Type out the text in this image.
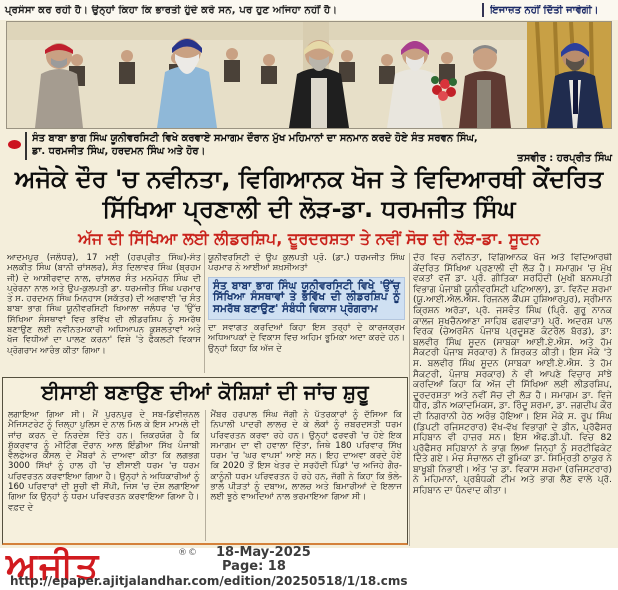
ਪ੍ਰਸੰਸਾ ਕਰ ਰਹੀ ਹੈ। ਉਨ੍ਹਾਂ ਕਿਹਾ ਕਿ ਭਾਰਤੀ ਹੁੰਦੇ ਕਰੇ ਸਨ, ਪਰ ਹੁਣ ਅਜਿਹਾ ਨਹੀਂ ਹੈ।	ਇਜਾਜ਼ਤ ਨਹੀਂ ਦਿੱਤੀ ਜਾਵੇਗੀ।
ਸੰਤ ਬਾਬਾ ਭਾਗ ਸਿੰਘ ਯੂਨੀਵਰਸਿਟੀ ਵਿਖੇ ਕਰਵਾਏ ਸਮਾਗਮ ਦੌਰਾਨ ਮੁੱਖ ਮਹਿਮਾਨਾਂ ਦਾ ਸਨਮਾਨ ਕਰਦੇ ਹੋਏ ਸੰਤ ਸਰਵਨ ਸਿੰਘ, ਡਾ. ਧਰਮਜੀਤ ਸਿੰਘ, ਹਰਦਮਨ ਸਿੰਘ ਅਤੇ ਹੋਰ।
ਤਸਵੀਰ : ਹਰਪ੍ਰੀਤ ਸਿੰਘ
ਅਜੋਕੇ ਦੌਰ 'ਚ ਨਵੀਨਤਾ, ਵਿਗਿਆਨਕ ਖੋਜ ਤੇ ਵਿਦਿਆਰਥੀ ਕੇਂਦਰਿਤ ਸਿੱਖਿਆ ਪ੍ਰਣਾਲੀ ਦੀ ਲੋੜ-ਡਾ. ਧਰਮਜੀਤ ਸਿੰਘ
ਅੱਜ ਦੀ ਸਿੱਖਿਆ ਲਈ ਲੀਡਰਸ਼ਿਪ, ਦੂਰਦਰਸ਼ਤਾ ਤੇ ਨਵੀਂ ਸੋਚ ਦੀ ਲੋੜ-ਡਾ. ਸੂਦਨ
ਆਦਮਪੁਰ (ਜਲੰਧਰ), 17 ਮਈ (ਹਰਪ੍ਰੀਤ ਸਿੰਘ)-ਸੰਤ ਮਲਕੀਤ ਸਿੰਘ (ਬਾਨੀ ਚਾਂਸਲਰ), ਸੰਤ ਦਿਲਾਵਰ ਸਿੰਘ (ਬ੍ਰਹਮ ਜੀ) ਦੇ ਆਸ਼ੀਰਵਾਦ ਨਾਲ, ਚਾਂਸਲਰ ਸੰਤ ਮਨਮੋਹਨ ਸਿੰਘ ਦੀ ਪ੍ਰੇਰਨਾ ਨਾਲ ਅਤੇ ਉਪ-ਕੁਲਪਤੀ ਡਾ. ਧਰਮਜੀਤ ਸਿੰਘ ਪਰਮਾਰ ਤੇ ਸ. ਹਰਦਮਨ ਸਿੰਘ ਮਿਨਹਾਸ (ਸਕੱਤਰ) ਦੀ ਅਗਵਾਈ 'ਚ ਸੰਤ ਬਾਬਾ ਭਾਗ ਸਿੰਘ ਯੂਨੀਵਰਸਿਟੀ ਖਿਆਲਾ ਜਲੰਧਰ 'ਚ 'ਉੱਚ ਸਿੱਖਿਆ ਸੰਸਥਾਵਾਂ ਵਿਚ ਭਵਿੱਖ ਦੀ ਲੀਡਰਸ਼ਿਪ ਨੂੰ ਸਮਰੱਥ ਬਣਾਉਣ ਲਈ ਨਵੀਨਤਮਕਾਰੀ ਅਧਿਆਪਨ ਕੁਸ਼ਲਤਾਵਾਂ ਅਤੇ ਖੋਜ ਵਿਧੀਆਂ ਦਾ ਪਾਲਣ ਕਰਨਾ' ਵਿਸ਼ੇ 'ਤੇ ਫੈਕਲਟੀ ਵਿਕਾਸ ਪ੍ਰੋਗਰਾਮ ਆਰੰਭ ਕੀਤਾ ਗਿਆ।
ਯੂਨੀਵਰਸਿਟੀ ਦੇ ਉਪ ਕੁਲਪਤੀ ਪ੍ਰੋ. (ਡਾ.) ਧਰਮਜੀਤ ਸਿੰਘ ਪਰਮਾਰ ਨੇ ਆਈਆਂ ਸ਼ਖ਼ਸੀਅਤਾਂ
ਸੰਤ ਬਾਬਾ ਭਾਗ ਸਿੰਘ ਯੂਨੀਵਰਸਿਟੀ ਵਿਖੇ 'ਉੱਚ ਸਿੱਖਿਆ ਸੰਸਥਾਵਾਂ ਤੇ ਭਵਿੱਖ ਦੀ ਲੀਡਰਸ਼ਿਪ ਨੂੰ ਸਮਰੱਥ ਬਣਾਉਣ' ਸੰਬੰਧੀ ਵਿਕਾਸ ਪ੍ਰੋਗਰਾਮ
ਦਾ ਸਵਾਗਤ ਕਰਦਿਆਂ ਕਿਹਾ ਇਸ ਤਰ੍ਹਾਂ ਦੇ ਕਾਰਜਕ੍ਰਮ ਅਧਿਆਪਕਾਂ ਦੇ ਵਿਕਾਸ ਵਿਚ ਅਹਿਮ ਭੂਮਿਕਾ ਅਦਾ ਕਰਦੇ ਹਨ। ਉਨ੍ਹਾਂ ਕਿਹਾ ਕਿ ਅੱਜ ਦੇ
ਦੌਰ ਵਿਚ ਨਵੀਨਤਾ, ਵਿਗਿਆਨਕ ਖੋਜ ਅਤੇ ਵਿਦਿਆਰਥੀ ਕੇਂਦਰਿਤ ਸਿੱਖਿਆ ਪ੍ਰਣਾਲੀ ਦੀ ਲੋੜ ਹੈ। ਸਮਾਗਮ 'ਚ ਮੁੱਖ ਵਕਤਾਂ ਵਜੋਂ ਡਾ. ਪ੍ਰੋ. ਗੀਤਿਕਾ ਸਰਹਿੰਦੀ (ਮੁਖੀ ਬਨਸਪਤੀ ਵਿਭਾਗ ਪੰਜਾਬੀ ਯੂਨੀਵਰਸਿਟੀ ਪਟਿਆਲਾ), ਡਾ. ਵਿਨੋਦ ਸ਼ਰਮਾ (ਯੂ.ਆਈ.ਐਲ.ਐਸ. ਰਿਜਨਲ ਕੈਂਪਸ ਹੁਸ਼ਿਆਰਪੁਰ), ਸ੍ਰੀਮਾਨ ਕ੍ਰਿਸ਼ਨ ਅਰੋੜਾ, ਪ੍ਰੋ. ਜਸਵੰਤ ਸਿੰਘ (ਪ੍ਰਿੰ. ਗੁਰੂ ਨਾਨਕ ਕਾਲਜ ਸੁਖਚੈਨਆਣਾ ਸਾਹਿਬ ਫਗਵਾੜਾ) ਪ੍ਰੋ. ਅਦਰਸ਼ ਪਾਲ ਵਿਰਕ (ਚੇਅਰਮੈਨ ਪੰਜਾਬ ਪ੍ਰਦੂਸ਼ਣ ਕੰਟਰੋਲ ਬੋਰਡ), ਡਾ: ਬਲਵੀਰ ਸਿੰਘ ਸੂਦਨ (ਸਾਬਕਾ ਆਈ.ਏ.ਐਸ. ਅਤੇ ਹੋਮ ਸੈਕਟਰੀ ਪੰਜਾਬ ਸਰਕਾਰ) ਨੇ ਸ਼ਿਰਕਤ ਕੀਤੀ। ਇਸ ਮੌਕੇ 'ਤੇ ਸ. ਬਲਵੀਰ ਸਿੰਘ ਸੂਦਨ (ਸਾਬਕਾ ਆਈ.ਏ.ਐਸ. ਤੇ ਹੋਮ ਸੈਕਟਰੀ, ਪੰਜਾਬ ਸਰਕਾਰ) ਨੇ ਵੀ ਆਪਣੇ ਵਿਚਾਰ ਸਾਂਝੇ ਕਰਦਿਆਂ ਕਿਹਾ ਕਿ ਅੱਜ ਦੀ ਸਿੱਖਿਆ ਲਈ ਲੀਡਰਸ਼ਿਪ, ਦੂਰਦਰਸ਼ਤਾ ਅਤੇ ਨਵੀਂ ਸੋਚ ਦੀ ਲੋੜ ਹੈ। ਸਮਾਗਮ ਡਾ. ਵਿਜੇ ਧੀਰ, ਡੀਨ ਅਕਾਦਮਿਕਸ, ਡਾ. ਰਿੰਦੂ ਸ਼ਰਮਾ, ਡਾ. ਜਗਦੀਪ ਕੌਰ ਦੀ ਨਿਗਰਾਨੀ ਹੇਠ ਅਰੰਭ ਹੋਇਆ। ਇਸ ਮੌਕੇ ਸ. ਰੂਪ ਸਿੰਘ (ਡਿਪਟੀ ਰਜਿਸਟਰਾਰ) ਵੱਖ-ਵੱਖ ਵਿਭਾਗਾਂ ਦੇ ਡੀਨ, ਪ੍ਰੋਫੈਸਰ ਸਹਿਬਾਨ ਵੀ ਹਾਜ਼ਰ ਸਨ। ਇਸ ਐਫ.ਡੀ.ਪੀ. ਵਿਚ 82 ਪ੍ਰੋਫੈਸਰ ਸਹਿਬਾਨਾਂ ਨੇ ਭਾਗ ਲਿਆ ਜਿਨ੍ਹਾਂ ਨੂੰ ਸਰਟੀਫਿਕੇਟ ਦਿੱਤੇ ਗਏ। ਮੰਚ ਸੰਚਾਲਨ ਦੀ ਭੂਮਿਕਾ ਡਾ. ਸਿਮ੍ਰਿਤੀ ਠਾਕੁਰ ਨੇ ਬਾਖੂਬੀ ਨਿਭਾਈ। ਅੰਤ 'ਚ ਡਾ. ਵਿਕਾਸ ਸ਼ਰਮਾ (ਰਜਿਸਟਰਾਰ) ਨੇ ਮਹਿਮਾਨਾਂ, ਪ੍ਰਬੰਧਕੀ ਟੀਮ ਅਤੇ ਭਾਗ ਲੈਣ ਵਾਲੇ ਪ੍ਰੋ. ਸਹਿਬਾਨ ਦਾ ਧੰਨਵਾਦ ਕੀਤਾ।
ਈਸਾਈ ਬਣਾਉਣ ਦੀਆਂ ਕੋਸ਼ਿਸ਼ਾਂ ਦੀ ਜਾਂਚ ਸ਼ੁਰੂ
ਲਗਾਇਆ ਗਿਆ ਸੀ। ਮੈਂ ਪੁਰਨਪੁਰ ਦੇ ਸਬ-ਡਿਵੀਜ਼ਨਲ ਮੈਜਿਸਟਰੇਟ ਨੂੰ ਜ਼ਿਲ੍ਹਾ ਪੁਲਿਸ ਦੇ ਨਾਲ ਮਿਲ ਕੇ ਇਸ ਮਾਮਲੇ ਦੀ ਜਾਂਚ ਕਰਨ ਦੇ ਨਿਰਦੇਸ਼ ਦਿੱਤੇ ਹਨ। ਜ਼ਿਕਰਯੋਗ ਹੈ ਕਿ ਸ਼ੁੱਕਰਵਾਰ ਨੂੰ ਮੀਟਿੰਗ ਦੌਰਾਨ ਆਲ ਇੰਡੀਆ ਸਿੱਖ ਪੰਜਾਬੀ ਵੈਲਫੇਅਰ ਕੌਂਸਲ ਦੇ ਮੈਂਬਰਾਂ ਨੇ ਦਾਅਵਾ ਕੀਤਾ ਕਿ ਲਗਭਗ 3000 ਸਿੱਖਾਂ ਨੂੰ ਹਾਲ ਹੀ 'ਚ ਈਸਾਈ ਧਰਮ 'ਚ ਧਰਮ ਪਰਿਵਰਤਨ ਕਰਵਾਇਆ ਗਿਆ ਹੈ। ਉਨ੍ਹਾਂ ਨੇ ਅਧਿਕਾਰੀਆਂ ਨੂੰ 160 ਪਰਿਵਾਰਾਂ ਦੀ ਸੂਚੀ ਵੀ ਸੌਂਪੀ, ਜਿਸ 'ਚ ਦੋਸ਼ ਲਗਾਇਆ ਗਿਆ ਕਿ ਉਨ੍ਹਾਂ ਨੂੰ ਧਰਮ ਪਰਿਵਰਤਨ ਕਰਵਾਇਆ ਗਿਆ ਹੈ। ਵਫ਼ਦ ਦੇ
ਮੈਂਬਰ ਹਰਪਾਲ ਸਿੰਘ ਜੱਗੀ ਨੇ ਪੱਤਰਕਾਰਾਂ ਨੂੰ ਦੱਸਿਆ ਕਿ ਨਿਪਾਲੀ ਪਾਦਰੀ ਲਾਲਚ ਦੇ ਕੇ ਲੋਕਾਂ ਨੂੰ ਜ਼ਬਰਦਸਤੀ ਧਰਮ ਪਰਿਵਰਤਨ ਕਰਵਾ ਰਹੇ ਹਨ। ਉਨ੍ਹਾਂ ਫਰਵਰੀ 'ਚ ਹੋਏ ਇਕ ਸਮਾਗਮ ਦਾ ਵੀ ਹਵਾਲਾ ਦਿੱਤਾ, ਜਿਥੇ 180 ਪਰਿਵਾਰ ਸਿੱਖ ਧਰਮ 'ਚ 'ਘਰ ਵਾਪਸ' ਆਏ ਸਨ। ਇਹ ਦਾਅਵਾ ਕਰਦੇ ਹੋਏ ਕਿ 2020 ਤੋਂ ਇਸ ਖੇਤਰ ਦੇ ਸਰਹੱਦੀ ਪਿੰਡਾਂ 'ਚ ਅਜਿਹੇ ਗੈਰ-ਕਾਨੂੰਨੀ ਧਰਮ ਪਰਿਵਰਤਨ ਹੋ ਰਹੇ ਹਨ, ਜੱਗੀ ਨੇ ਕਿਹਾ ਕਿ ਭੋਲੇ-ਭਾਲੇ ਪੀੜਤਾਂ ਨੂੰ ਦਬਾਅ, ਲਾਲਚ ਅਤੇ ਬਿਮਾਰੀਆਂ ਦੇ ਇਲਾਜ ਲਈ ਝੂਠੇ ਵਾਅਦਿਆਂ ਨਾਲ ਭਰਮਾਇਆ ਗਿਆ ਸੀ।
ਅਜੀਤ	®© 18-May-2025
Page: 18
http://epaper.ajitjalandhar.com/edition/20250518/1/18.cms
